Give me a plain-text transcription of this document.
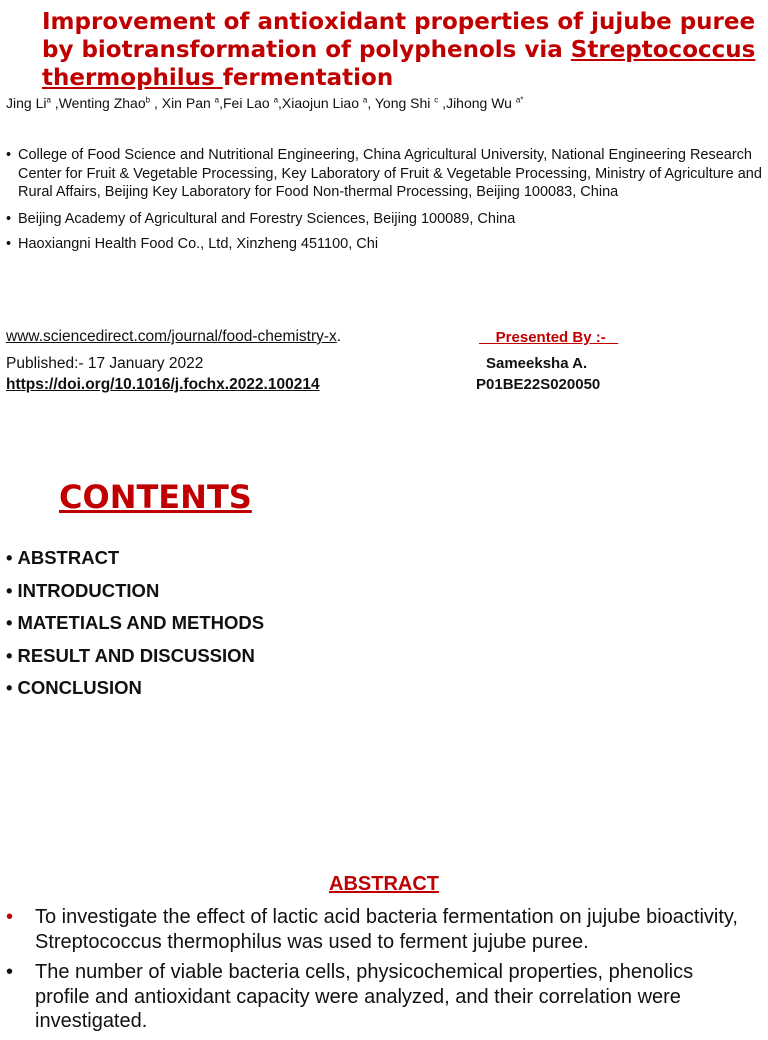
Improvement of antioxidant properties of jujube puree by biotransformation of polyphenols via Streptococcus thermophilus fermentation
Jing Li$^a$ ,Wenting Zhao$^b$ , Xin Pan $^a$,Fei Lao $^a$,Xiaojun Liao $^a$, Yong Shi $^c$ ,Jihong Wu $^{a*}$
• College of Food Science and Nutritional Engineering, China Agricultural University, National Engineering Research Center for Fruit & Vegetable Processing, Key Laboratory of Fruit & Vegetable Processing, Ministry of Agriculture and Rural Affairs, Beijing Key Laboratory for Food Non-thermal Processing, Beijing 100083, China
• Beijing Academy of Agricultural and Forestry Sciences, Beijing 100089, China
• Haoxiangni Health Food Co., Ltd, Xinzheng 451100, Chi
www.sciencedirect.com/journal/food-chemistry-x.
Published:- 17 January 2022
https://doi.org/10.1016/j.fochx.2022.100214
Presented By :-
Sameeksha A.
P01BE22S020050
CONTENTS
• ABSTRACT
• INTRODUCTION
• MATETIALS AND METHODS
• RESULT AND DISCUSSION
• CONCLUSION
ABSTRACT
• To investigate the effect of lactic acid bacteria fermentation on jujube bioactivity, Streptococcus thermophilus was used to ferment jujube puree.
• The number of viable bacteria cells, physicochemical properties, phenolics profile and antioxidant capacity were analyzed, and their correlation were investigated.
